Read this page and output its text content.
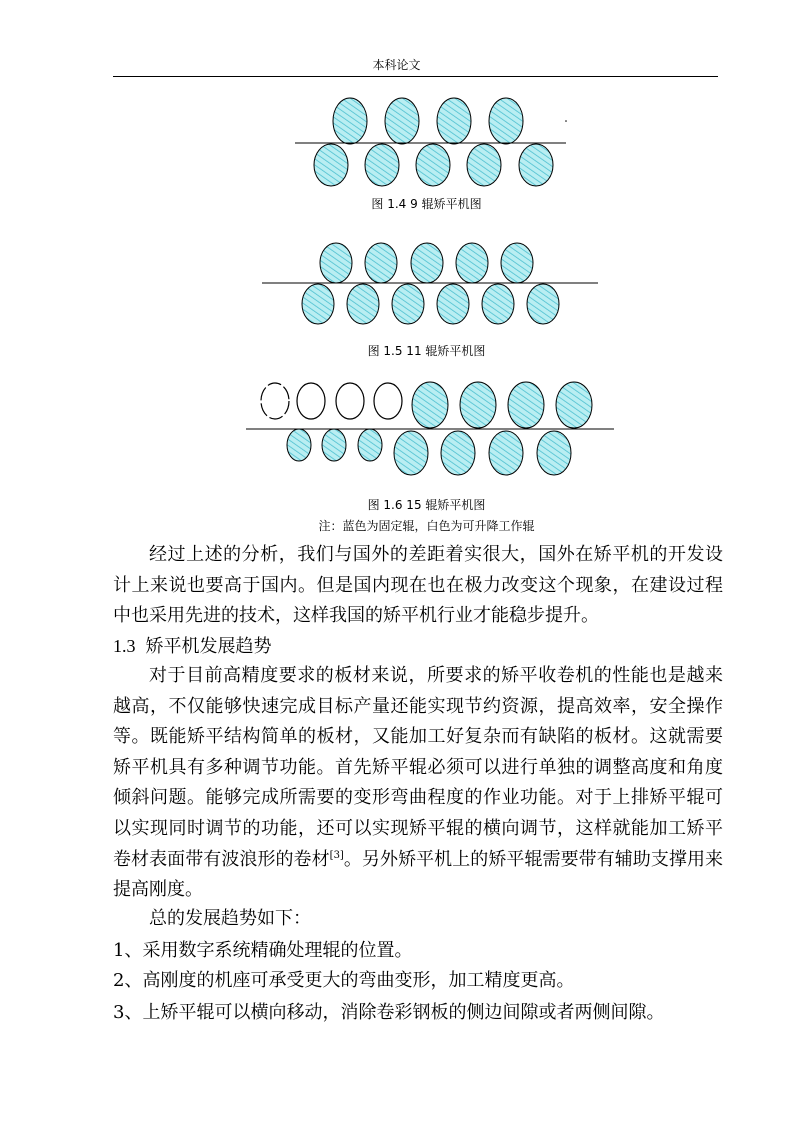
本科论文
图 1.4 9 辊矫平机图
图 1.5 11 辊矫平机图
图 1.6 15 辊矫平机图
注：蓝色为固定辊，白色为可升降工作辊
经过上述的分析，我们与国外的差距着实很大，国外在矫平机的开发设计上来说也要高于国内。但是国内现在也在极力改变这个现象，在建设过程中也采用先进的技术，这样我国的矫平机行业才能稳步提升。
1.3 矫平机发展趋势
对于目前高精度要求的板材来说，所要求的矫平收卷机的性能也是越来越高，不仅能够快速完成目标产量还能实现节约资源，提高效率，安全操作等。既能矫平结构简单的板材，又能加工好复杂而有缺陷的板材。这就需要矫平机具有多种调节功能。首先矫平辊必须可以进行单独的调整高度和角度倾斜问题。能够完成所需要的变形弯曲程度的作业功能。对于上排矫平辊可以实现同时调节的功能，还可以实现矫平辊的横向调节，这样就能加工矫平卷材表面带有波浪形的卷材[3]。另外矫平机上的矫平辊需要带有辅助支撑用来提高刚度。
总的发展趋势如下：
1、采用数字系统精确处理辊的位置。
2、高刚度的机座可承受更大的弯曲变形，加工精度更高。
3、上矫平辊可以横向移动，消除卷彩钢板的侧边间隙或者两侧间隙。
